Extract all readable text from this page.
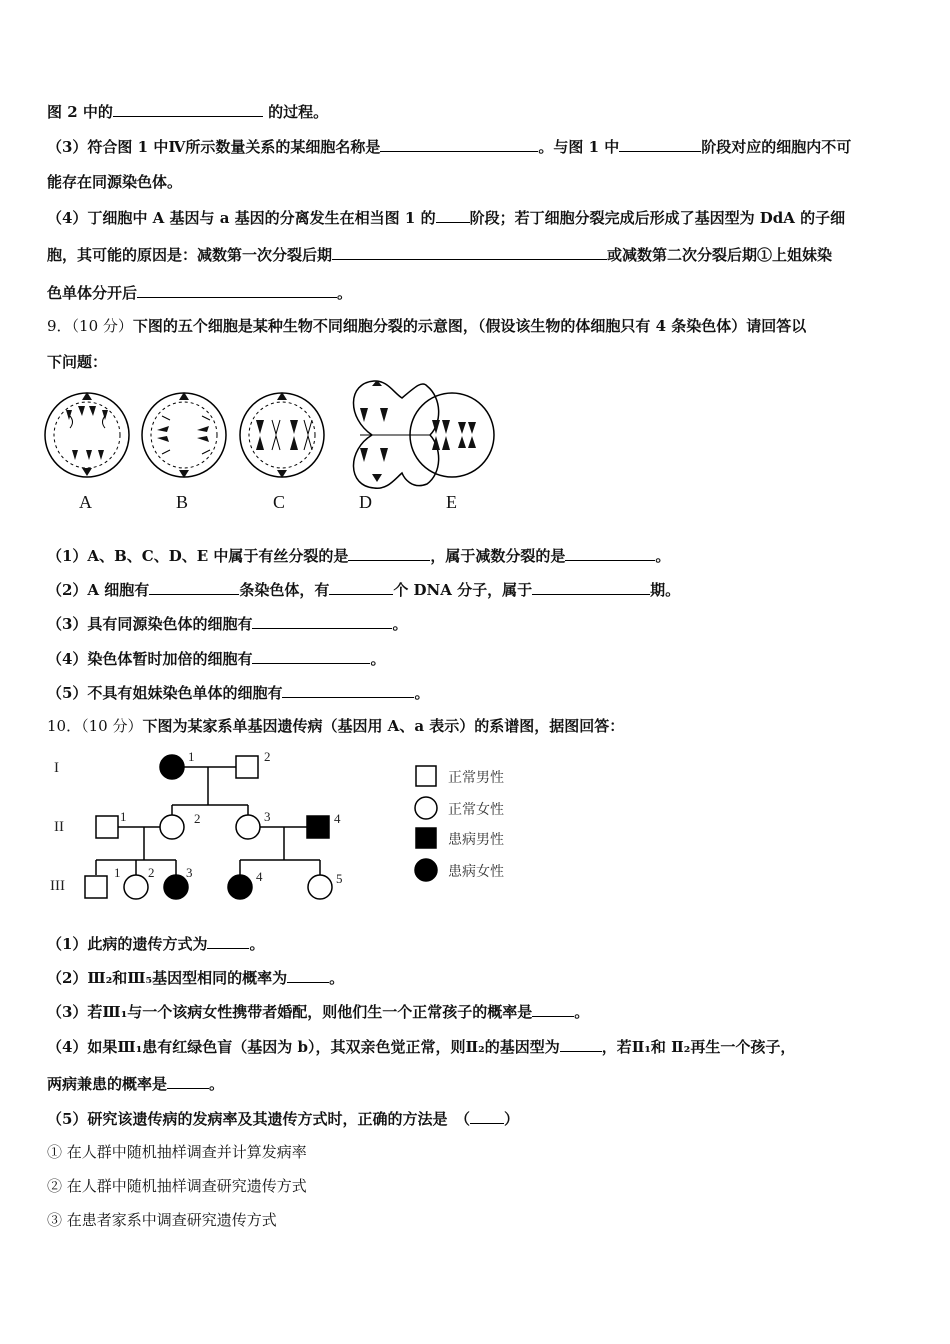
图 2 中的	的过程。
（3）符合图 1 中Ⅳ所示数量关系的某细胞名称是	。与图 1 中	阶段对应的细胞内不可
能存在同源染色体。
（4）丁细胞中 A 基因与 a 基因的分离发生在相当图 1 的 阶段；若丁细胞分裂完成后形成了基因型为 DdA 的子细
胞，其可能的原因是：减数第一次分裂后期	或减数第二次分裂后期①上姐妹染
色单体分开后	。
9．（10 分）下图的五个细胞是某种生物不同细胞分裂的示意图，（假设该生物的体细胞只有 4 条染色体）请回答以
下问题：
A	B	C	D	E
（1）A、B、C、D、E 中属于有丝分裂的是	，属于减数分裂的是	。
（2）A 细胞有	条染色体，有	个 DNA 分子，属于	期。
（3）具有同源染色体的细胞有	。
（4）染色体暂时加倍的细胞有	。
（5）不具有姐妹染色单体的细胞有	。
10．（10 分）下图为某家系单基因遗传病（基因用 A、a 表示）的系谱图，据图回答：
I
II
III
1	2
1	2	3	4
1 2 3	4	5
正常男性
正常女性
患病男性
患病女性
（1）此病的遗传方式为	。
（2）Ⅲ₂和Ⅲ₅基因型相同的概率为	。
（3）若Ⅲ₁与一个该病女性携带者婚配，则他们生一个正常孩子的概率是	。
（4）如果Ⅲ₁患有红绿色盲（基因为 b），其双亲色觉正常，则Ⅱ₂的基因型为	，若Ⅱ₁和 Ⅱ₂再生一个孩子，
两病兼患的概率是	。
（5）研究该遗传病的发病率及其遗传方式时，正确的方法是　（ ）
① 在人群中随机抽样调查并计算发病率
② 在人群中随机抽样调查研究遗传方式
③ 在患者家系中调查研究遗传方式
